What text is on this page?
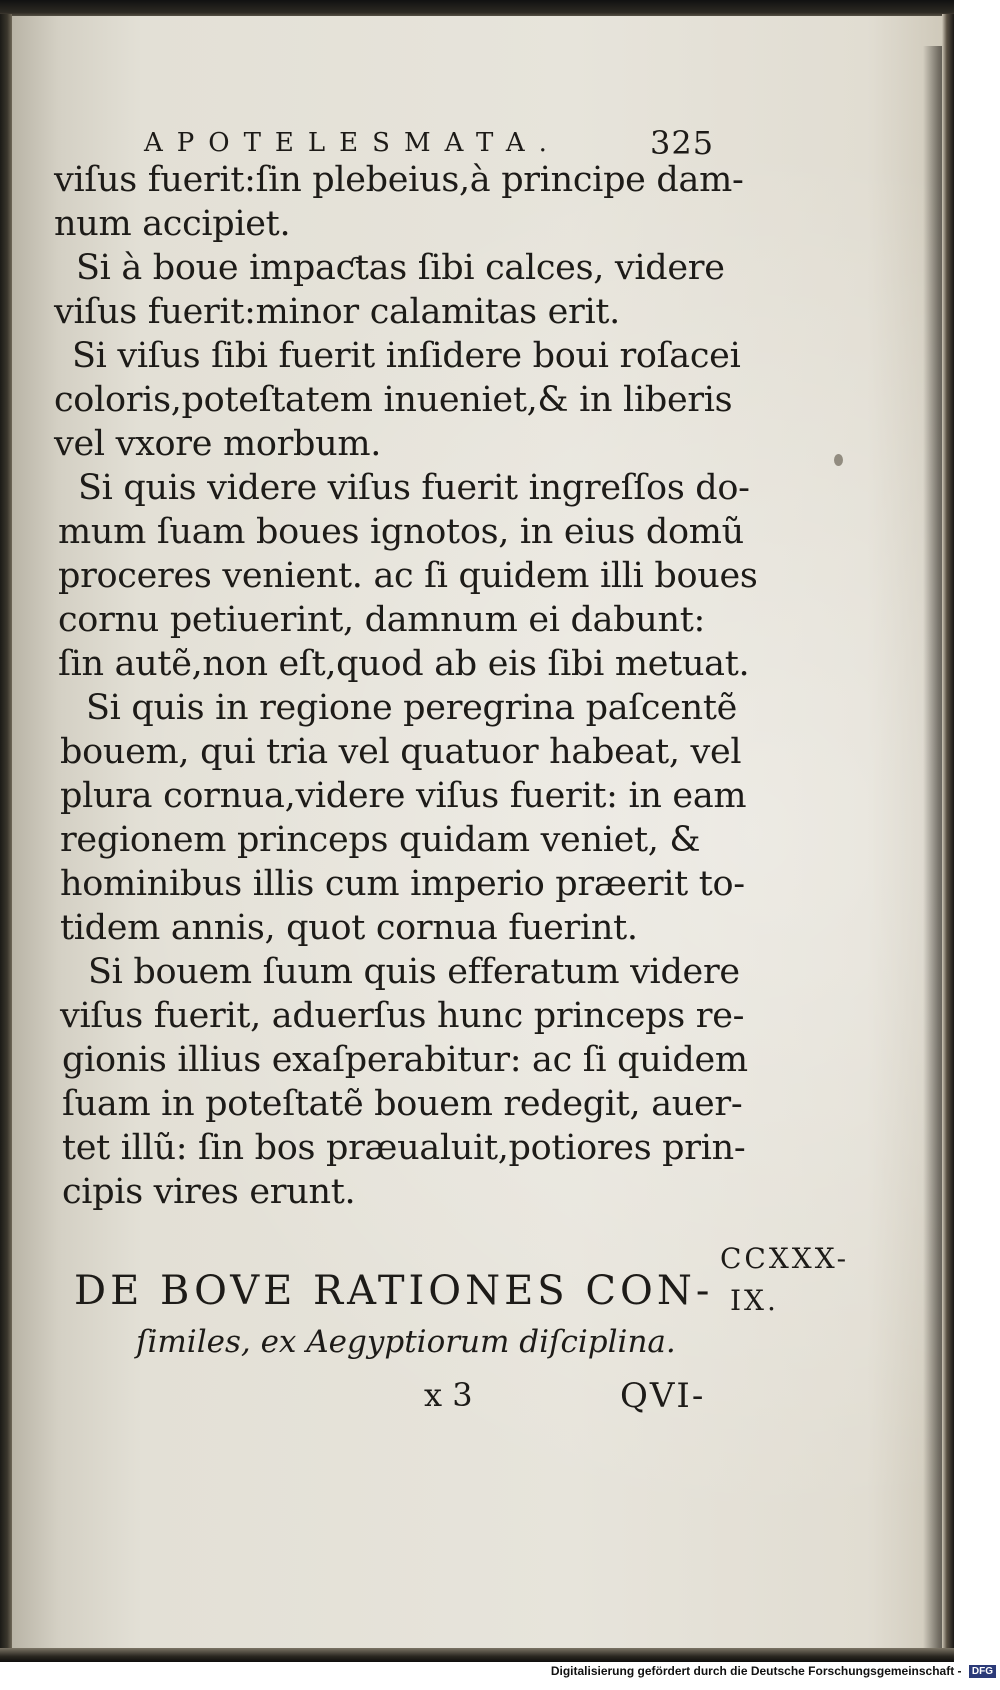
APOTELESMATA.	325
viſus fuerit:ſin plebeius,à principe dam-
num accipiet.
Si à boue impaƈtas ſibi calces, videre
viſus fuerit:minor calamitas erit.
Si viſus ſibi fuerit inſidere boui roſacei
coloris,poteſtatem inueniet,& in liberis
vel vxore morbum.
Si quis videre viſus fuerit ingreſſos do-
mum ſuam boues ignotos, in eius domũ
proceres venient. ac ſi quidem illi boues
cornu petiuerint, damnum ei dabunt:
ſin autẽ,non eſt,quod ab eis ſibi metuat.
Si quis in regione peregrina paſcentẽ
bouem, qui tria vel quatuor habeat, vel
plura cornua,videre viſus fuerit: in eam
regionem princeps quidam veniet, &
hominibus illis cum imperio præerit to-
tidem annis, quot cornua fuerint.
Si bouem ſuum quis efferatum videre
viſus fuerit, aduerſus hunc princeps re-
gionis illius exaſperabitur: ac ſi quidem
ſuam in poteſtatẽ bouem redegit, auer-
tet illũ: ſin bos præualuit,potiores prin-
cipis vires erunt.
DE BOVE RATIONES CON-
ſimiles, ex Aegyptiorum diſciplina.
x 3	QVI-
CCXXX-
IX.
Digitalisierung gefördert durch die Deutsche Forschungsgemeinschaft - DFG
